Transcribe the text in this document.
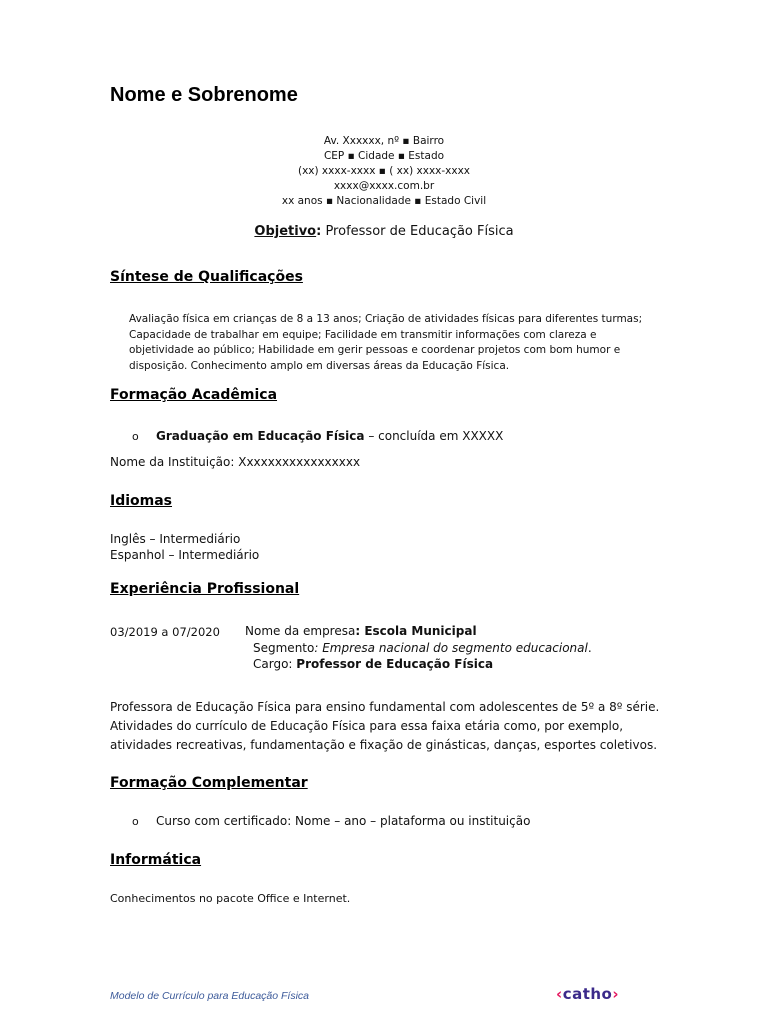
Nome e Sobrenome
Av. Xxxxxx, nº ▪ Bairro
CEP ▪ Cidade ▪ Estado
(xx) xxxx-xxxx ▪ ( xx) xxxx-xxxx
xxxx@xxxx.com.br
xx anos ▪ Nacionalidade ▪ Estado Civil
Objetivo: Professor de Educação Física
Síntese de Qualificações
Avaliação física em crianças de 8 a 13 anos; Criação de atividades físicas para diferentes turmas; Capacidade de trabalhar em equipe; Facilidade em transmitir informações com clareza e objetividade ao público; Habilidade em gerir pessoas e coordenar projetos com bom humor e disposição. Conhecimento amplo em diversas áreas da Educação Física.
Formação Acadêmica
o Graduação em Educação Física – concluída em XXXXX
Nome da Instituição: Xxxxxxxxxxxxxxxxx
Idiomas
Inglês – Intermediário
Espanhol – Intermediário
Experiência Profissional
03/2019 a 07/2020 Nome da empresa: Escola Municipal
Segmento: Empresa nacional do segmento educacional.
Cargo: Professor de Educação Física
Professora de Educação Física para ensino fundamental com adolescentes de 5º a 8º série. Atividades do currículo de Educação Física para essa faixa etária como, por exemplo, atividades recreativas, fundamentação e fixação de ginásticas, danças, esportes coletivos.
Formação Complementar
o Curso com certificado: Nome – ano – plataforma ou instituição
Informática
Conhecimentos no pacote Office e Internet.
Modelo de Currículo para Educação Física	‹catho›
